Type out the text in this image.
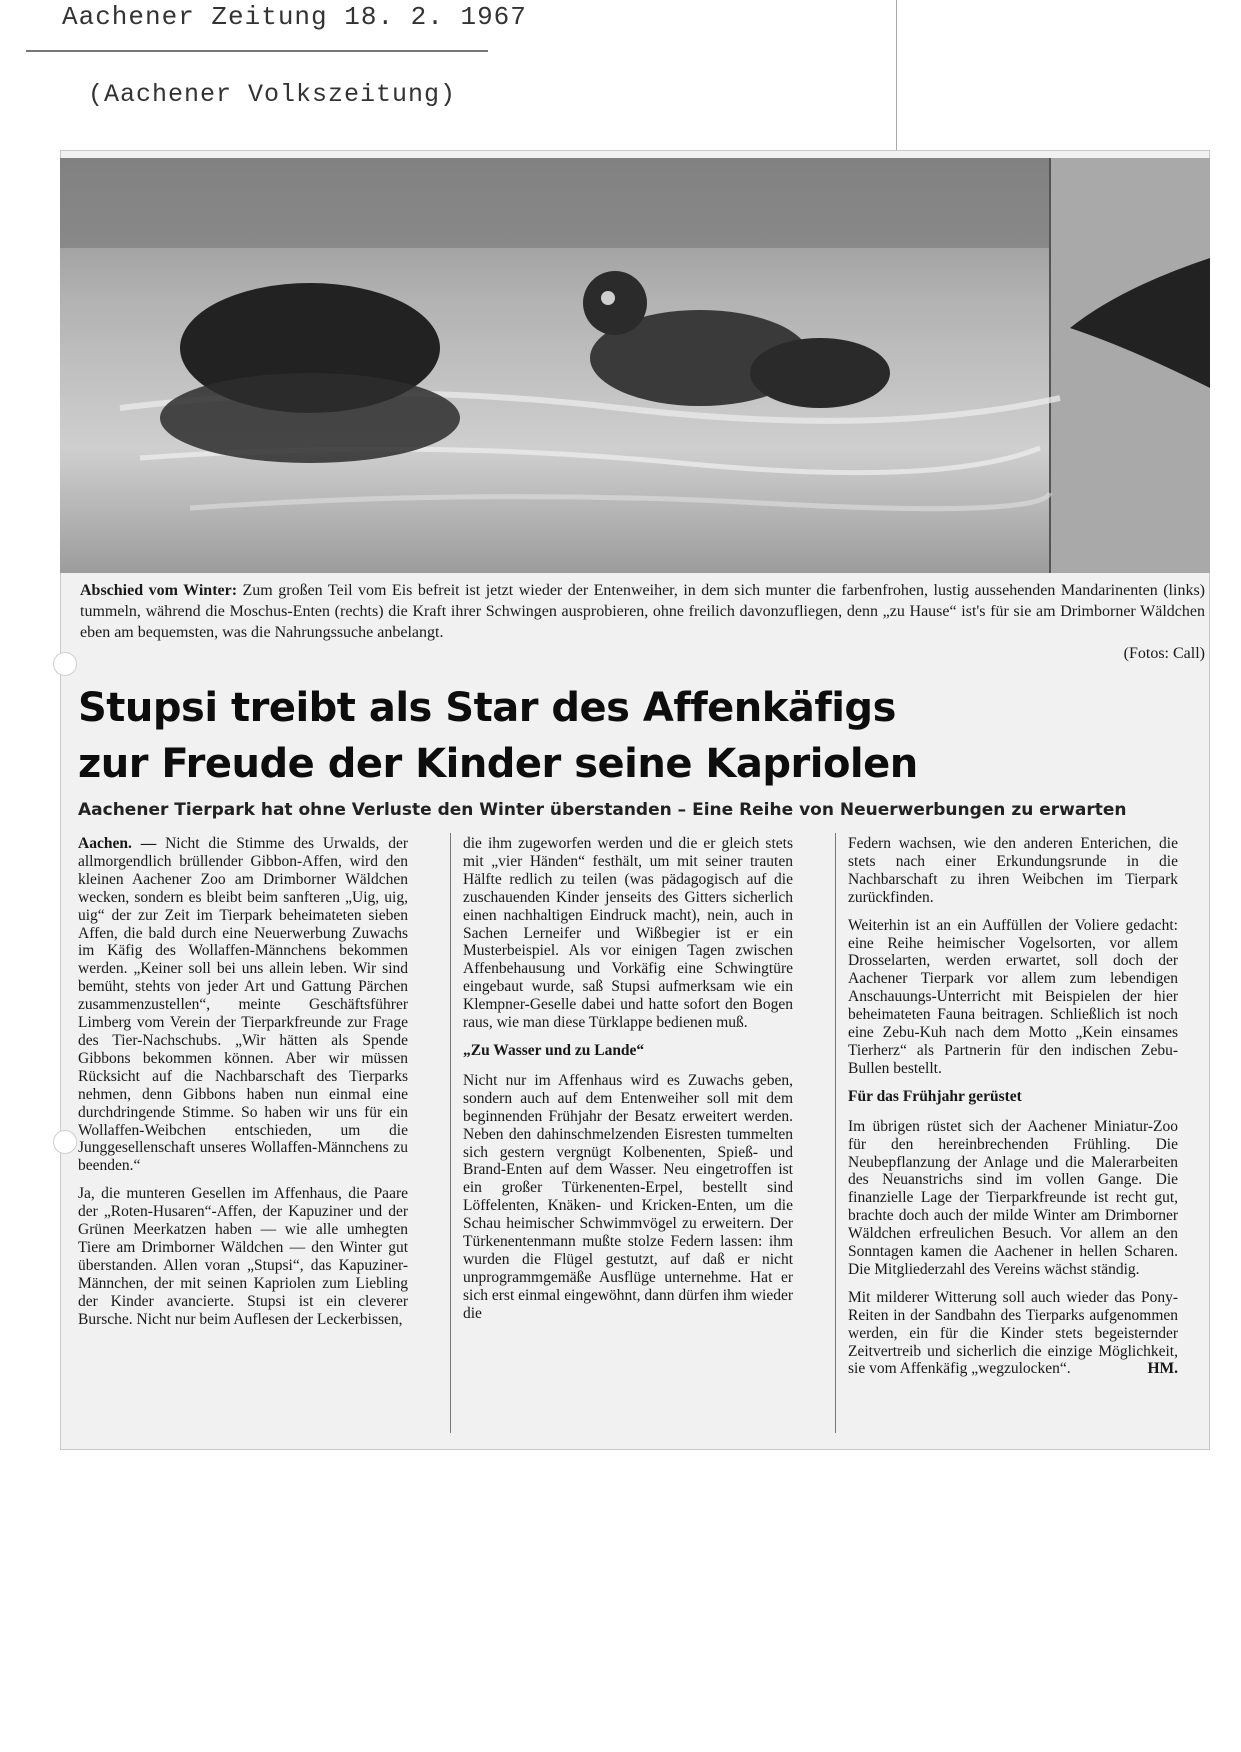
Aachener Zeitung 18. 2. 1967
(Aachener Volkszeitung)
Abschied vom Winter: Zum großen Teil vom Eis befreit ist jetzt wieder der Entenweiher, in dem sich munter die farbenfrohen, lustig aussehenden Mandarinenten (links) tummeln, während die Moschus-Enten (rechts) die Kraft ihrer Schwingen ausprobieren, ohne freilich davonzufliegen, denn „zu Hause“ ist's für sie am Drimborner Wäldchen eben am bequemsten, was die Nahrungssuche anbelangt.
(Fotos: Call)
Stupsi treibt als Star des Affenkäfigs
zur Freude der Kinder seine Kapriolen
Aachener Tierpark hat ohne Verluste den Winter überstanden – Eine Reihe von Neuerwerbungen zu erwarten

Aachen. — Nicht die Stimme des Urwalds, der allmorgendlich brüllender Gibbon-Affen, wird den kleinen Aachener Zoo am Drimborner Wäldchen wecken, sondern es bleibt beim sanfteren „Uig, uig, uig“ der zur Zeit im Tierpark beheimateten sieben Affen, die bald durch eine Neuerwerbung Zuwachs im Käfig des Wollaffen-Männchens bekommen werden. „Keiner soll bei uns allein leben. Wir sind bemüht, stehts von jeder Art und Gattung Pärchen zusammenzustellen“, meinte Geschäftsführer Limberg vom Verein der Tierparkfreunde zur Frage des Tier-Nachschubs. „Wir hätten als Spende Gibbons bekommen können. Aber wir müssen Rücksicht auf die Nachbarschaft des Tierparks nehmen, denn Gibbons haben nun einmal eine durchdringende Stimme. So haben wir uns für ein Wollaffen-Weibchen entschieden, um die Junggesellenschaft unseres Wollaffen-Männchens zu beenden.“

Ja, die munteren Gesellen im Affenhaus, die Paare der „Roten-Husaren“-Affen, der Kapuziner und der Grünen Meerkatzen haben — wie alle umhegten Tiere am Drimborner Wäldchen — den Winter gut überstanden. Allen voran „Stupsi“, das Kapuziner-Männchen, der mit seinen Kapriolen zum Liebling der Kinder avancierte. Stupsi ist ein cleverer Bursche. Nicht nur beim Auflesen der Leckerbissen,

die ihm zugeworfen werden und die er gleich stets mit „vier Händen“ festhält, um mit seiner trauten Hälfte redlich zu teilen (was pädagogisch auf die zuschauenden Kinder jenseits des Gitters sicherlich einen nachhaltigen Eindruck macht), nein, auch in Sachen Lerneifer und Wißbegier ist er ein Musterbeispiel. Als vor einigen Tagen zwischen Affenbehausung und Vorkäfig eine Schwingtüre eingebaut wurde, saß Stupsi aufmerksam wie ein Klempner-Geselle dabei und hatte sofort den Bogen raus, wie man diese Türklappe bedienen muß.

„Zu Wasser und zu Lande“

Nicht nur im Affenhaus wird es Zuwachs geben, sondern auch auf dem Entenweiher soll mit dem beginnenden Frühjahr der Besatz erweitert werden. Neben den dahinschmelzenden Eisresten tummelten sich gestern vergnügt Kolbenenten, Spieß- und Brand-Enten auf dem Wasser. Neu eingetroffen ist ein großer Türkenenten-Erpel, bestellt sind Löffelenten, Knäken- und Kricken-Enten, um die Schau heimischer Schwimmvögel zu erweitern. Der Türkenentenmann mußte stolze Federn lassen: ihm wurden die Flügel gestutzt, auf daß er nicht unprogrammgemäße Ausflüge unternehme. Hat er sich erst einmal eingewöhnt, dann dürfen ihm wieder die

Federn wachsen, wie den anderen Enterichen, die stets nach einer Erkundungsrunde in die Nachbarschaft zu ihren Weibchen im Tierpark zurückfinden.

Weiterhin ist an ein Auffüllen der Voliere gedacht: eine Reihe heimischer Vogelsorten, vor allem Drosselarten, werden erwartet, soll doch der Aachener Tierpark vor allem zum lebendigen Anschauungs-Unterricht mit Beispielen der hier beheimateten Fauna beitragen. Schließlich ist noch eine Zebu-Kuh nach dem Motto „Kein einsames Tierherz“ als Partnerin für den indischen Zebu-Bullen bestellt.

Für das Frühjahr gerüstet

Im übrigen rüstet sich der Aachener Miniatur-Zoo für den hereinbrechenden Frühling. Die Neubepflanzung der Anlage und die Malerarbeiten des Neuanstrichs sind im vollen Gange. Die finanzielle Lage der Tierparkfreunde ist recht gut, brachte doch auch der milde Winter am Drimborner Wäldchen erfreulichen Besuch. Vor allem an den Sonntagen kamen die Aachener in hellen Scharen. Die Mitgliederzahl des Vereins wächst ständig.

Mit milderer Witterung soll auch wieder das Pony-Reiten in der Sandbahn des Tierparks aufgenommen werden, ein für die Kinder stets begeisternder Zeitvertreib und sicherlich die einzige Möglichkeit, sie vom Affenkäfig „wegzulocken“.	HM.
